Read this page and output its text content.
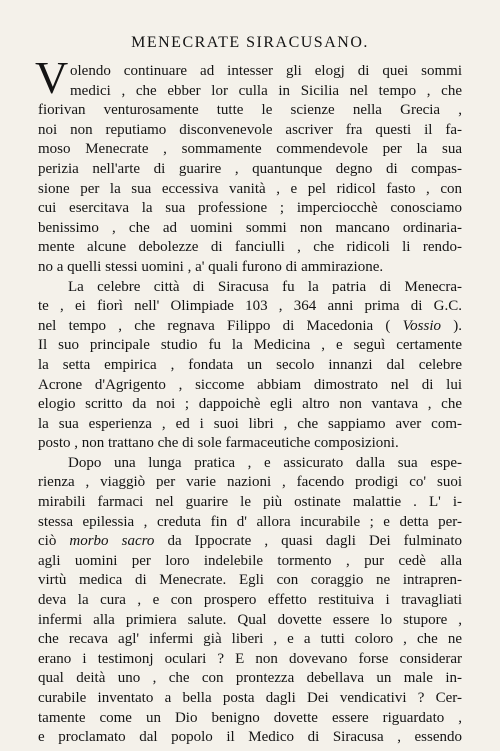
MENECRATE SIRACUSANO.
V olendo continuare ad intesser gli elogj di quei sommi
medici , che ebber lor culla in Sicilia nel tempo , che
fiorivan venturosamente tutte le scienze nella Grecia ,
noi non reputiamo disconvenevole ascriver fra questi il fa-
moso Menecrate , sommamente commendevole per la sua
perizia nell'arte di guarire , quantunque degno di compas-
sione per la sua eccessiva vanità , e pel ridicol fasto , con
cui esercitava la sua professione ; imperciocchè conosciamo
benissimo , che ad uomini sommi non mancano ordinaria-
mente alcune debolezze di fanciulli , che ridicoli li rendo-
no a quelli stessi uomini , a' quali furono di ammirazione.
La celebre città di Siracusa fu la patria di Menecra-
te , ei fiorì nell' Olimpiade 103 , 364 anni prima di G.C.
nel tempo , che regnava Filippo di Macedonia ( Vossio ).
Il suo principale studio fu la Medicina , e seguì certamente
la setta empirica , fondata un secolo innanzi dal celebre
Acrone d'Agrigento , siccome abbiam dimostrato nel di lui
elogio scritto da noi ; dappoichè egli altro non vantava , che
la sua esperienza , ed i suoi libri , che sappiamo aver com-
posto , non trattano che di sole farmaceutiche composizioni.
Dopo una lunga pratica , e assicurato dalla sua espe-
rienza , viaggiò per varie nazioni , facendo prodigi co' suoi
mirabili farmaci nel guarire le più ostinate malattie . L' i-
stessa epilessia , creduta fin d' allora incurabile ; e detta per-
ciò morbo sacro da Ippocrate , quasi dagli Dei fulminato
agli uomini per loro indelebile tormento , pur cedè alla
virtù medica di Menecrate. Egli con coraggio ne intrapren-
deva la cura , e con prospero effetto restituiva i travagliati
infermi alla primiera salute. Qual dovette essere lo stupore ,
che recava agl' infermi già liberi , e a tutti coloro , che ne
erano i testimonj oculari ? E non dovevano forse considerar
qual deità uno , che con prontezza debellava un male in-
curabile inventato a bella posta dagli Dei vendicativi ? Cer-
tamente come un Dio benigno dovette essere riguardato ,
e proclamato dal popolo il Medico di Siracusa , essendo
